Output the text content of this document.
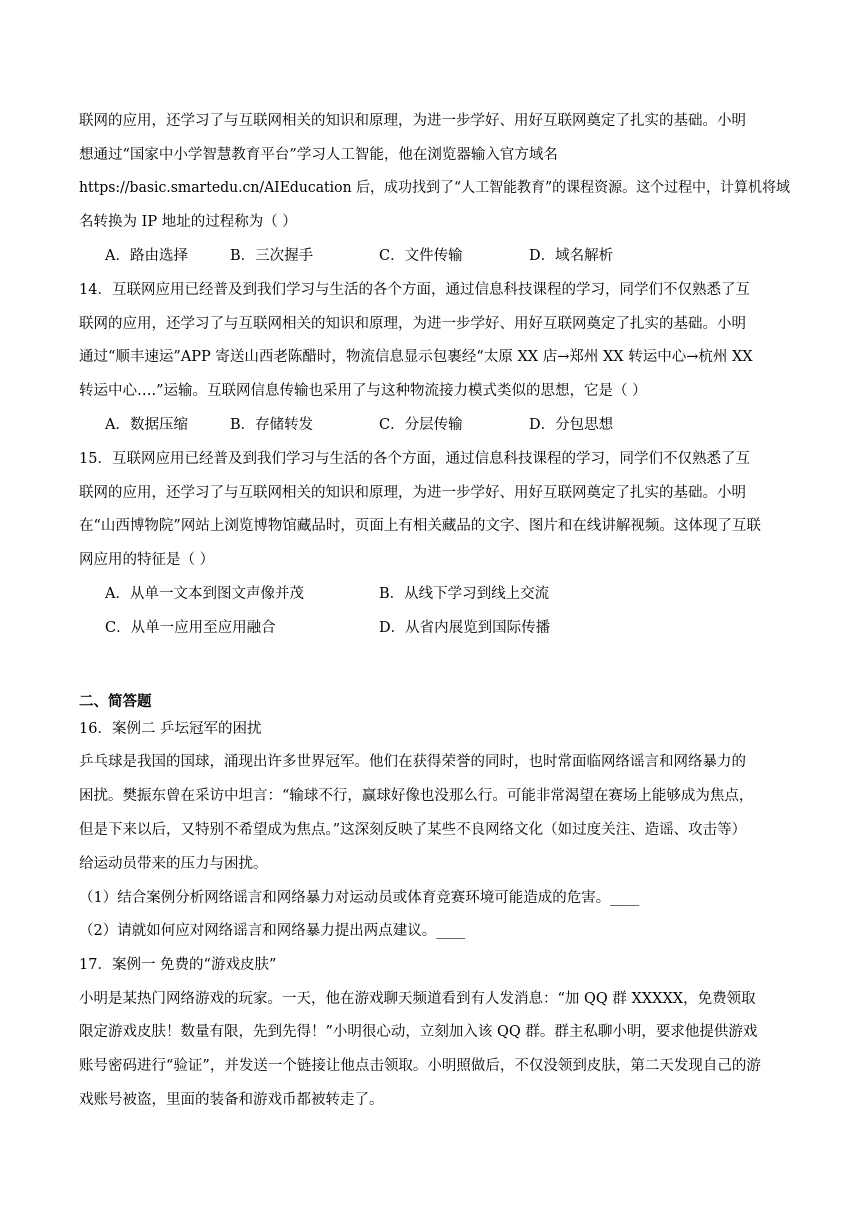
联网的应用，还学习了与互联网相关的知识和原理，为进一步学好、用好互联网奠定了扎实的基础。小明
想通过“国家中小学智慧教育平台”学习人工智能，他在浏览器输入官方域名
https://basic.smartedu.cn/AIEducation 后，成功找到了“人工智能教育”的课程资源。这个过程中，计算机将域
名转换为 IP 地址的过程称为（ ）
A．路由选择	B．三次握手	C．文件传输	D．域名解析
14．互联网应用已经普及到我们学习与生活的各个方面，通过信息科技课程的学习，同学们不仅熟悉了互
联网的应用，还学习了与互联网相关的知识和原理，为进一步学好、用好互联网奠定了扎实的基础。小明
通过“顺丰速运”APP 寄送山西老陈醋时，物流信息显示包裹经“太原 XX 店→郑州 XX 转运中心→杭州 XX
转运中心….”运输。互联网信息传输也采用了与这种物流接力模式类似的思想，它是（ ）
A．数据压缩	B．存储转发	C．分层传输	D．分包思想
15．互联网应用已经普及到我们学习与生活的各个方面，通过信息科技课程的学习，同学们不仅熟悉了互
联网的应用，还学习了与互联网相关的知识和原理，为进一步学好、用好互联网奠定了扎实的基础。小明
在“山西博物院”网站上浏览博物馆藏品时，页面上有相关藏品的文字、图片和在线讲解视频。这体现了互联
网应用的特征是（ ）
A．从单一文本到图文声像并茂	B．从线下学习到线上交流
C．从单一应用至应用融合	D．从省内展览到国际传播
二、简答题
16．案例二 乒坛冠军的困扰
乒乓球是我国的国球，涌现出许多世界冠军。他们在获得荣誉的同时，也时常面临网络谣言和网络暴力的
困扰。樊振东曾在采访中坦言：“输球不行，赢球好像也没那么行。可能非常渴望在赛场上能够成为焦点，
但是下来以后，又特别不希望成为焦点。”这深刻反映了某些不良网络文化（如过度关注、造谣、攻击等）
给运动员带来的压力与困扰。
（1）结合案例分析网络谣言和网络暴力对运动员或体育竞赛环境可能造成的危害。____
（2）请就如何应对网络谣言和网络暴力提出两点建议。____
17．案例一 免费的“游戏皮肤”
小明是某热门网络游戏的玩家。一天，他在游戏聊天频道看到有人发消息：“加 QQ 群 XXXXX，免费领取
限定游戏皮肤！数量有限，先到先得！”小明很心动，立刻加入该 QQ 群。群主私聊小明，要求他提供游戏
账号密码进行“验证”，并发送一个链接让他点击领取。小明照做后，不仅没领到皮肤，第二天发现自己的游
戏账号被盗，里面的装备和游戏币都被转走了。
